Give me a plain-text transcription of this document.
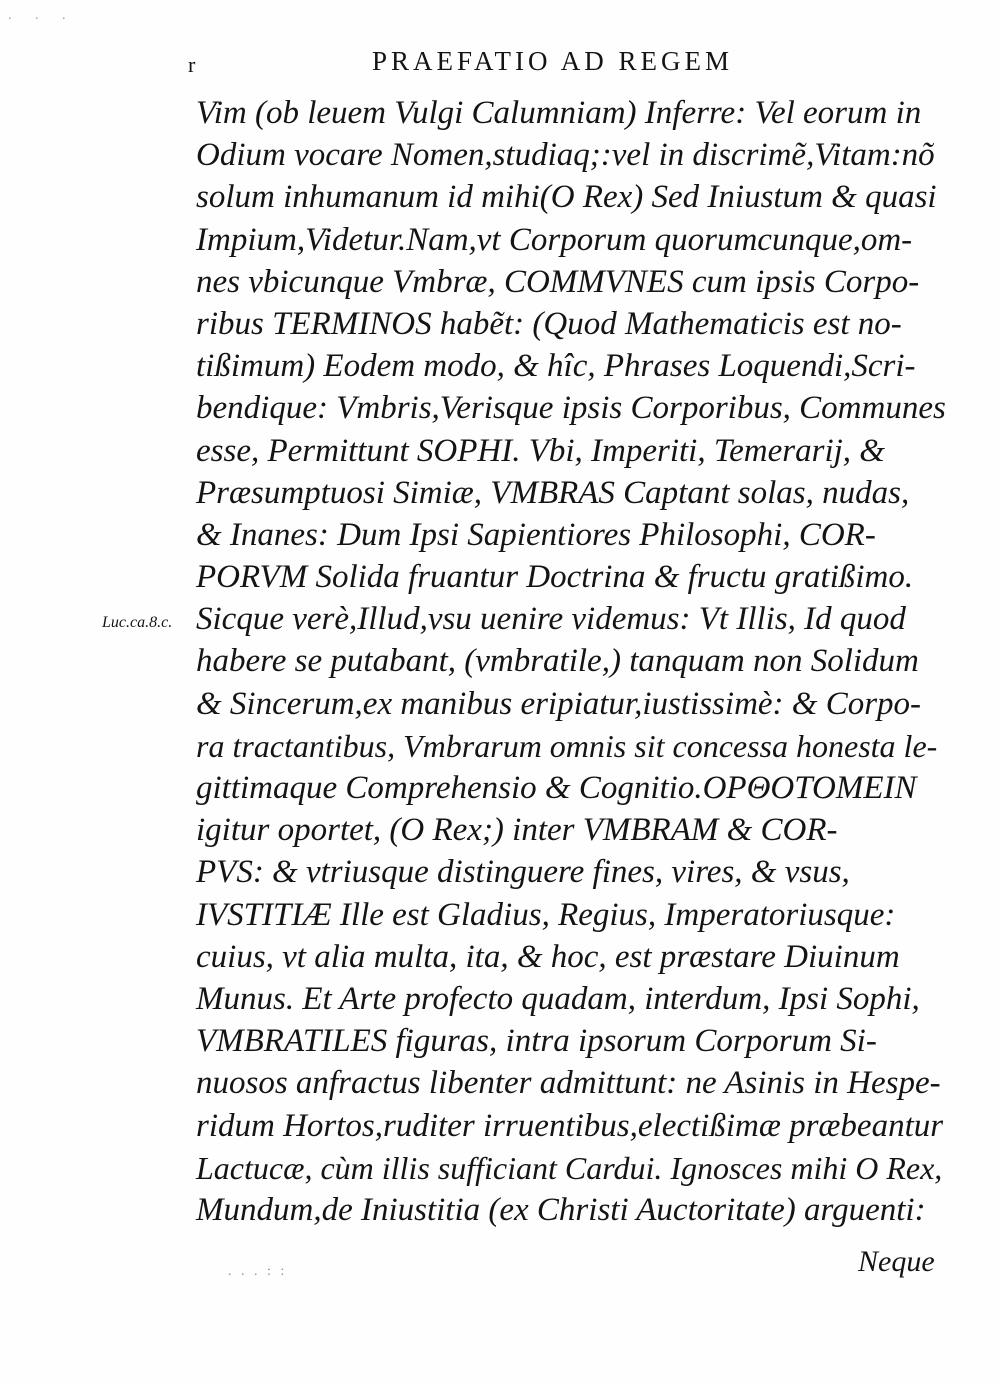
. . .
r	PRAEFATIO AD REGEM
Luc.ca.8.c.
Vim (ob leuem Vulgi Calumniam) Inferre: Vel eorum in
Odium vocare Nomen,studiaq;:vel in discrimẽ,Vitam:nõ
solum inhumanum id mihi(O Rex) Sed Iniustum & quasi
Impium,Videtur.Nam,vt Corporum quorumcunque,om-
nes vbicunque Vmbræ, COMMVNES cum ipsis Corpo-
ribus TERMINOS habẽt: (Quod Mathematicis est no-
tißimum) Eodem modo, & hîc, Phrases Loquendi,Scri-
bendique: Vmbris,Verisque ipsis Corporibus, Communes
esse, Permittunt SOPHI. Vbi, Imperiti, Temerarij, &
Præsumptuosi Simiæ, VMBRAS Captant solas, nudas,
& Inanes: Dum Ipsi Sapientiores Philosophi, COR-
PORVM Solida fruantur Doctrina & fructu gratißimo.
Sicque verè,Illud,vsu uenire videmus: Vt Illis, Id quod
habere se putabant, (vmbratile,) tanquam non Solidum
& Sincerum,ex manibus eripiatur,iustissimè: & Corpo-
ra tractantibus, Vmbrarum omnis sit concessa honesta le-
gittimaque Comprehensio & Cognitio.ΟΡΘΟΤΟΜΕΙΝ
igitur oportet, (O Rex;) inter VMBRAM & COR-
PVS: & vtriusque distinguere fines, vires, & vsus,
IVSTITIÆ Ille est Gladius, Regius, Imperatoriusque:
cuius, vt alia multa, ita, & hoc, est præstare Diuinum
Munus. Et Arte profecto quadam, interdum, Ipsi Sophi,
VMBRATILES figuras, intra ipsorum Corporum Si-
nuosos anfractus libenter admittunt: ne Asinis in Hespe-
ridum Hortos,ruditer irruentibus,electißimæ præbeantur
Lactucæ, cùm illis sufficiant Cardui. Ignosces mihi O Rex,
Mundum,de Iniustitia (ex Christi Auctoritate) arguenti:
. . . : :	Neque
